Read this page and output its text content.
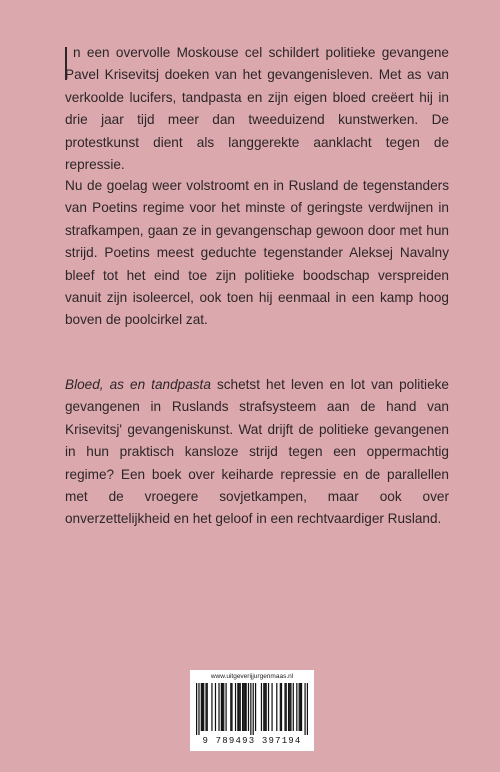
n een overvolle Moskouse cel schildert politieke gevangene Pavel Krisevitsj doeken van het gevangenisleven. Met as van verkoolde lucifers, tandpasta en zijn eigen bloed creëert hij in drie jaar tijd meer dan tweeduizend kunstwerken. De protestkunst dient als langgerekte aanklacht tegen de repressie.

Nu de goelag weer volstroomt en in Rusland de tegenstanders van Poetins regime voor het minste of geringste verdwijnen in strafkampen, gaan ze in gevangenschap gewoon door met hun strijd. Poetins meest geduchte tegenstander Aleksej Navalny bleef tot het eind toe zijn politieke boodschap verspreiden vanuit zijn isoleercel, ook toen hij eenmaal in een kamp hoog boven de poolcirkel zat.

Bloed, as en tandpasta schetst het leven en lot van politieke gevangenen in Ruslands strafsysteem aan de hand van Krisevitsj' gevangeniskunst. Wat drijft de politieke gevangenen in hun praktisch kansloze strijd tegen een oppermachtig regime? Een boek over keiharde repressie en de parallellen met de vroegere sovjetkampen, maar ook over onverzettelijkheid en het geloof in een rechtvaardiger Rusland.

www.uitgeverijjurgenmaas.nl
9 789493 397194
